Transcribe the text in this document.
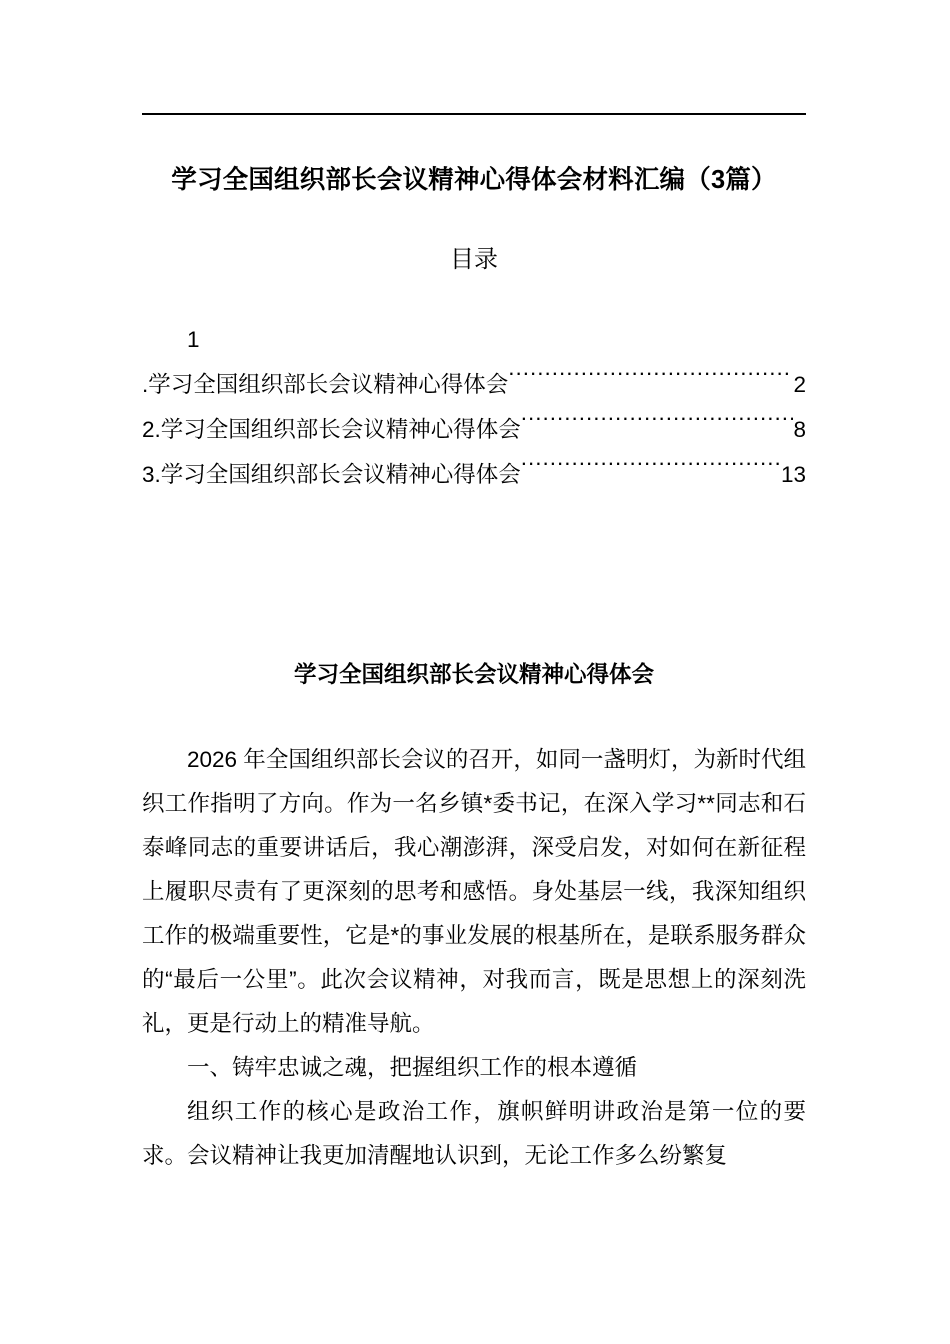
学习全国组织部长会议精神心得体会材料汇编（3篇）
目录
1
.学习全国组织部长会议精神心得体会 .....	2
2.学习全国组织部长会议精神心得体会 .....	8
3.学习全国组织部长会议精神心得体会 .....	13
学习全国组织部长会议精神心得体会

2026 年全国组织部长会议的召开，如同一盏明灯，为新时代组织工作指明了方向。作为一名乡镇*委书记，在深入学习**同志和石泰峰同志的重要讲话后，我心潮澎湃，深受启发，对如何在新征程上履职尽责有了更深刻的思考和感悟。身处基层一线，我深知组织工作的极端重要性，它是*的事业发展的根基所在，是联系服务群众的“最后一公里”。此次会议精神，对我而言，既是思想上的深刻洗礼，更是行动上的精准导航。

一、铸牢忠诚之魂，把握组织工作的根本遵循

组织工作的核心是政治工作，旗帜鲜明讲政治是第一位的要求。会议精神让我更加清醒地认识到，无论工作多么纷繁复
